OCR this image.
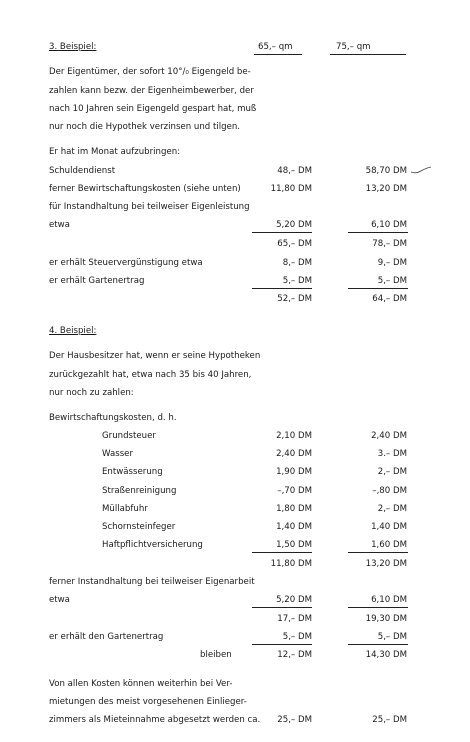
3. Beispiel:	65,– qm	75,– qm
Der Eigentümer, der sofort 10°/₀ Eigengeld be-
zahlen kann bezw. der Eigenheimbewerber, der
nach 10 Jahren sein Eigengeld gespart hat, muß
nur noch die Hypothek verzinsen und tilgen.
Er hat im Monat aufzubringen:
Schuldendienst	48,– DM	58,70 DM
ferner Bewirtschaftungskosten (siehe unten)	11,80 DM	13,20 DM
für Instandhaltung bei teilweiser Eigenleistung
etwa	5,20 DM	6,10 DM
65,– DM	78,– DM
er erhält Steuervergünstigung etwa	8,– DM	9,– DM
er erhält Gartenertrag	5,– DM	5,– DM
52,– DM	64,– DM
4. Beispiel:
Der Hausbesitzer hat, wenn er seine Hypotheken
zurückgezahlt hat, etwa nach 35 bis 40 Jahren,
nur noch zu zahlen:
Bewirtschaftungskosten, d. h.
Grundsteuer	2,10 DM	2,40 DM
Wasser	2,40 DM	3.– DM
Entwässerung	1,90 DM	2,– DM
Straßenreinigung	–,70 DM	–,80 DM
Müllabfuhr	1,80 DM	2,– DM
Schornsteinfeger	1,40 DM	1,40 DM
Haftpflichtversicherung	1,50 DM	1,60 DM
11,80 DM	13,20 DM
ferner Instandhaltung bei teilweiser Eigenarbeit
etwa	5,20 DM	6,10 DM
17,– DM	19,30 DM
er erhält den Gartenertrag	5,– DM	5,– DM
bleiben	12,– DM	14,30 DM
Von allen Kosten können weiterhin bei Ver-
mietungen des meist vorgesehenen Einlieger-
zimmers als Mieteinnahme abgesetzt werden ca. 25,– DM	25,– DM
